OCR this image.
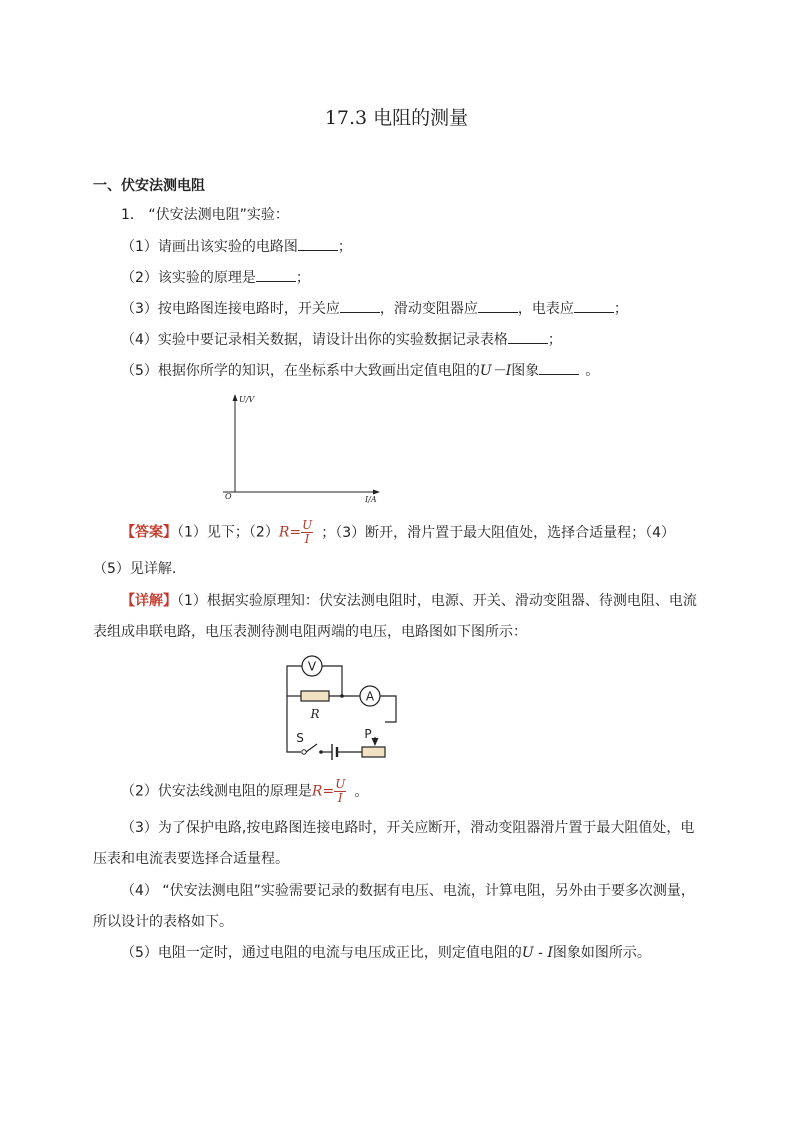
17.3 电阻的测量
一、伏安法测电阻
1． “伏安法测电阻”实验：
（1）请画出该实验的电路图	；
（2）该实验的原理是	；
（3）按电路图连接电路时，开关应	，滑动变阻器应	，电表应	；
（4）实验中要记录相关数据，请设计出你的实验数据记录表格	；
（5）根据你所学的知识，在坐标系中大致画出定值电阻的U－I图象	。
U/V
I/A
O
【答案】（1）见下；$(2)R= \frac{U}{I}$ ；（3）断开，滑片置于最大阻值处，选择合适量程；（4）
（5）见详解.
【详解】（1）根据实验原理知：伏安法测电阻时，电源、开关、滑动变阻器、待测电阻、电流
表组成串联电路，电压表测待测电阻两端的电压，电路图如下图所示：
V
A
R
S	P
（2）伏安法线测电阻的原理是$R= \frac{U}{I}$ 。
（3）为了保护电路,按电路图连接电路时，开关应断开，滑动变阻器滑片置于最大阻值处，电
压表和电流表要选择合适量程。
（4） “伏安法测电阻”实验需要记录的数据有电压、电流，计算电阻，另外由于要多次测量，
所以设计的表格如下。
（5）电阻一定时，通过电阻的电流与电压成正比，则定值电阻的U - I图象如图所示。
